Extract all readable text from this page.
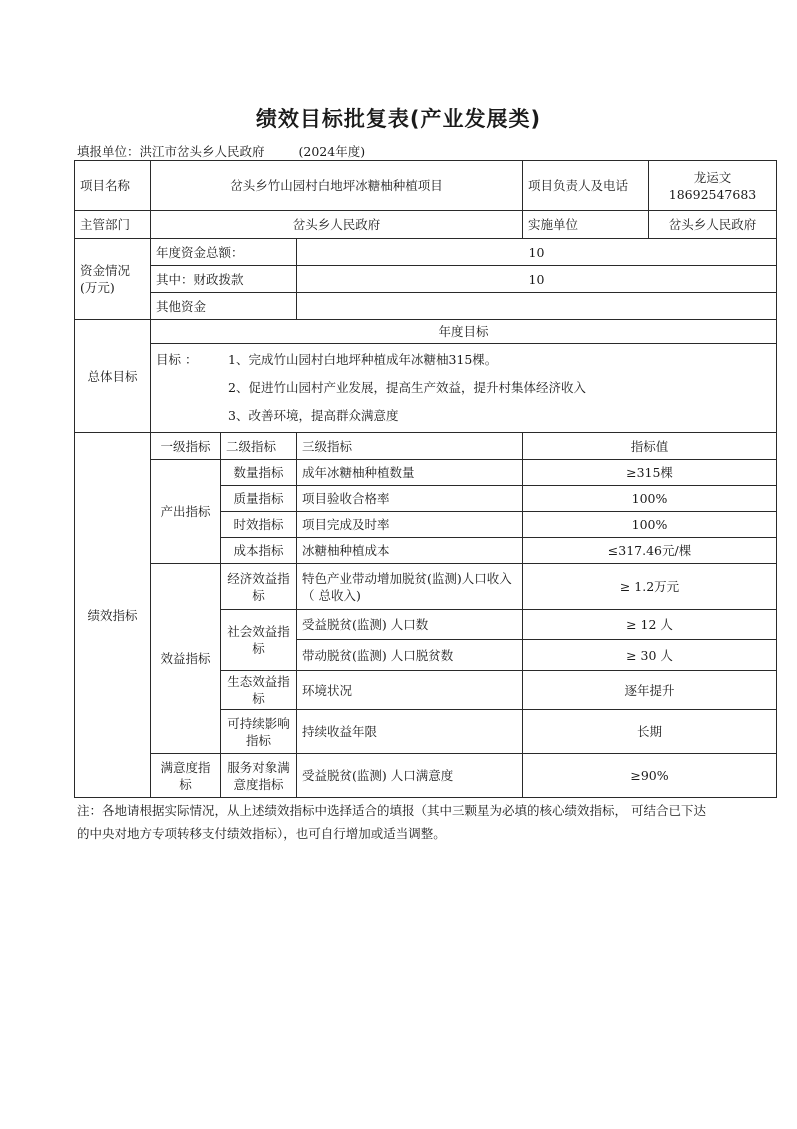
绩效目标批复表(产业发展类)
填报单位：洪江市岔头乡人民政府	(2024年度)
项目名称	岔头乡竹山园村白地坪冰糖柚种植项目			项目负责人及电话	龙运文18692547683
主管部门	岔头乡人民政府			实施单位	岔头乡人民政府
资金情况(万元)	年度资金总额：		10		
	其中：财政拨款		10		
	其他资金				
总体目标	年度目标				

	目标 ： 1、完成竹山园村白地坪种植成年冰糖柚315棵。
2、促进竹山园村产业发展，提高生产效益，提升村集体经济收入
3、改善环境，提高群众满意度				

绩效指标	一级指标	二级指标	三级指标	指标值	
	产出指标	数量指标	成年冰糖柚种植数量	≥315棵	
		质量指标	项目验收合格率	100%	
		时效指标	项目完成及时率	100%	
		成本指标	冰糖柚种植成本	≤317.46元/棵	
	效益指标	经济效益指标	特色产业带动增加脱贫(监测)人口收入（ 总收入)	≥ 1.2万元	
		社会效益指标	受益脱贫(监测) 人口数	≥ 12 人	
			带动脱贫(监测) 人口脱贫数	≥ 30 人	
		生态效益指标	环境状况	逐年提升	
		可持续影响指标	持续收益年限	长期	
	满意度指标	服务对象满意度指标	受益脱贫(监测) 人口满意度	≥90%	
注：各地请根据实际情况，从上述绩效指标中选择适合的填报（其中三颗星为必填的核心绩效指标， 可结合已下达的中央对地方专项转移支付绩效指标），也可自行增加或适当调整。
